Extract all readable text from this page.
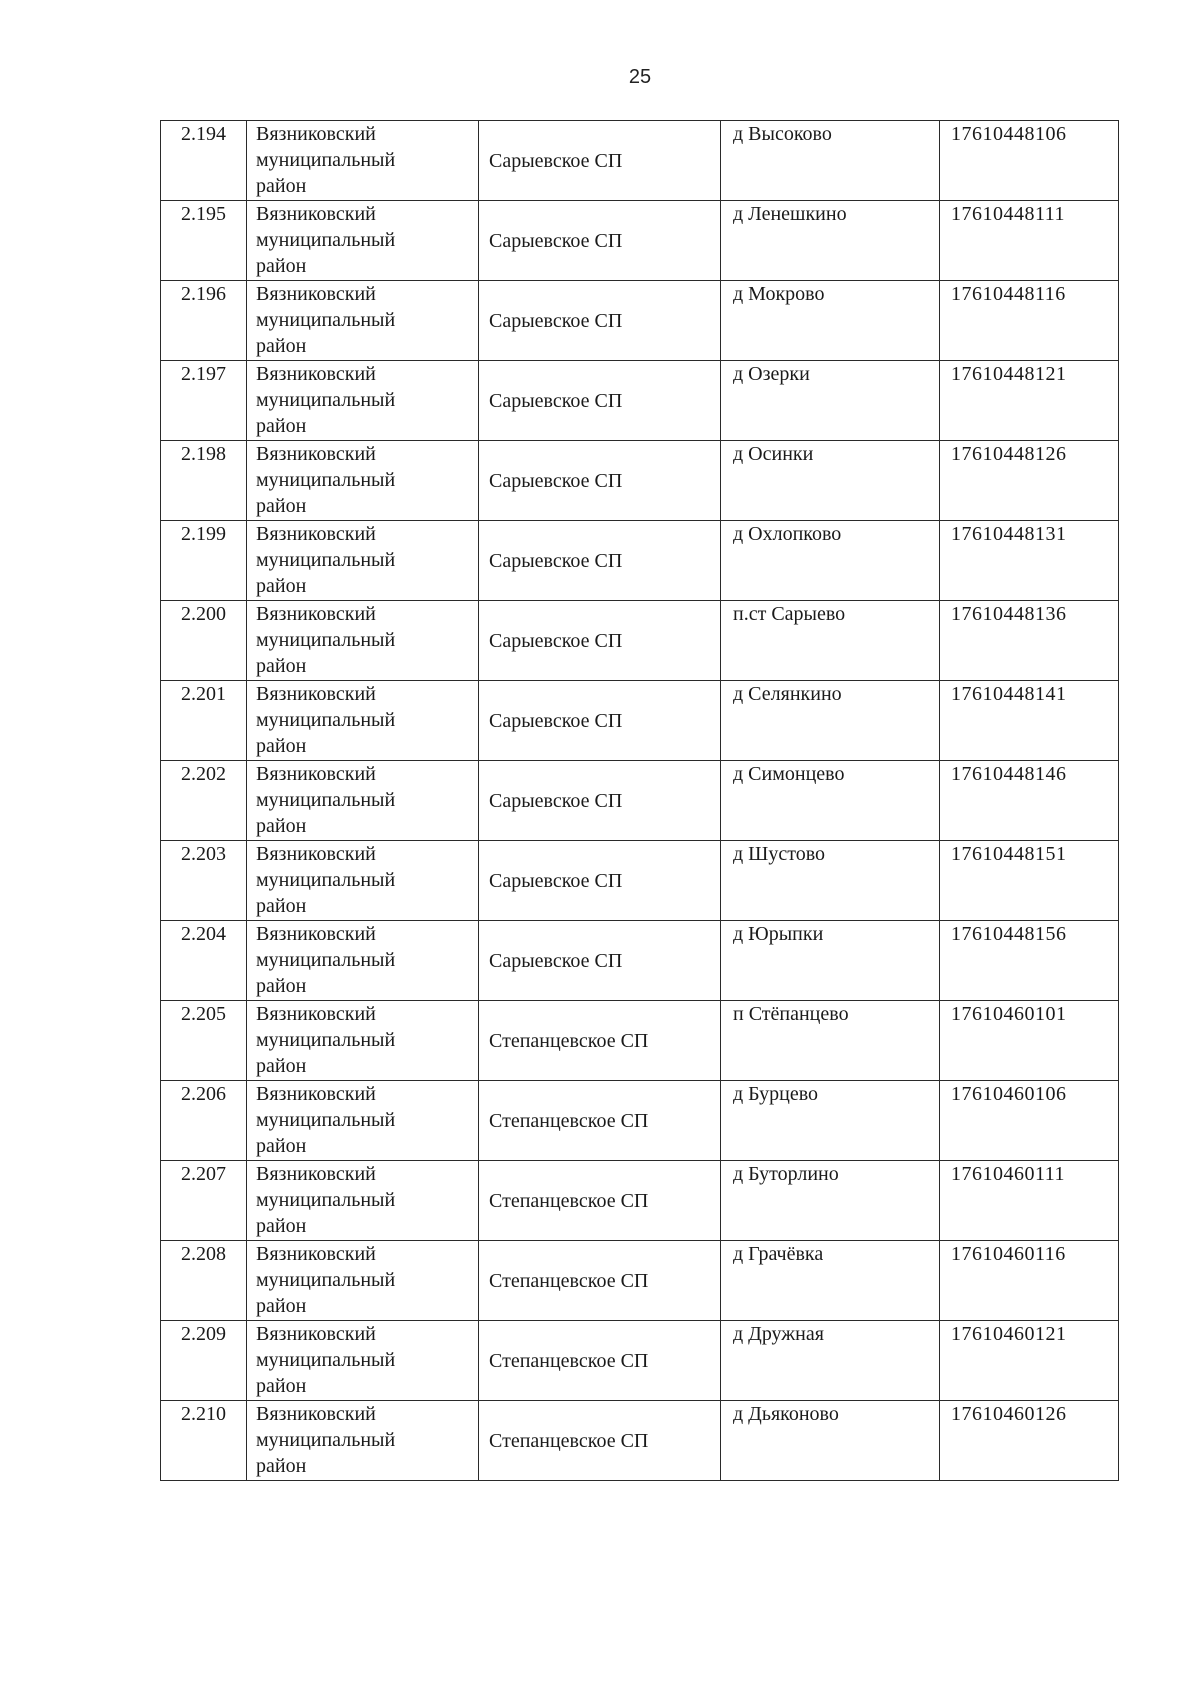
25
2.194	Вязниковский
муниципальный
район	Сарыевское СП	д Высоково	17610448106
2.195	Вязниковский
муниципальный
район	Сарыевское СП	д Ленешкино	17610448111
2.196	Вязниковский
муниципальный
район	Сарыевское СП	д Мокрово	17610448116
2.197	Вязниковский
муниципальный
район	Сарыевское СП	д Озерки	17610448121
2.198	Вязниковский
муниципальный
район	Сарыевское СП	д Осинки	17610448126
2.199	Вязниковский
муниципальный
район	Сарыевское СП	д Охлопково	17610448131
2.200	Вязниковский
муниципальный
район	Сарыевское СП	п.ст Сарыево	17610448136
2.201	Вязниковский
муниципальный
район	Сарыевское СП	д Селянкино	17610448141
2.202	Вязниковский
муниципальный
район	Сарыевское СП	д Симонцево	17610448146
2.203	Вязниковский
муниципальный
район	Сарыевское СП	д Шустово	17610448151
2.204	Вязниковский
муниципальный
район	Сарыевское СП	д Юрыпки	17610448156
2.205	Вязниковский
муниципальный
район	Степанцевское СП	п Стёпанцево	17610460101
2.206	Вязниковский
муниципальный
район	Степанцевское СП	д Бурцево	17610460106
2.207	Вязниковский
муниципальный
район	Степанцевское СП	д Буторлино	17610460111
2.208	Вязниковский
муниципальный
район	Степанцевское СП	д Грачёвка	17610460116
2.209	Вязниковский
муниципальный
район	Степанцевское СП	д Дружная	17610460121
2.210	Вязниковский
муниципальный
район	Степанцевское СП	д Дьяконово	17610460126
